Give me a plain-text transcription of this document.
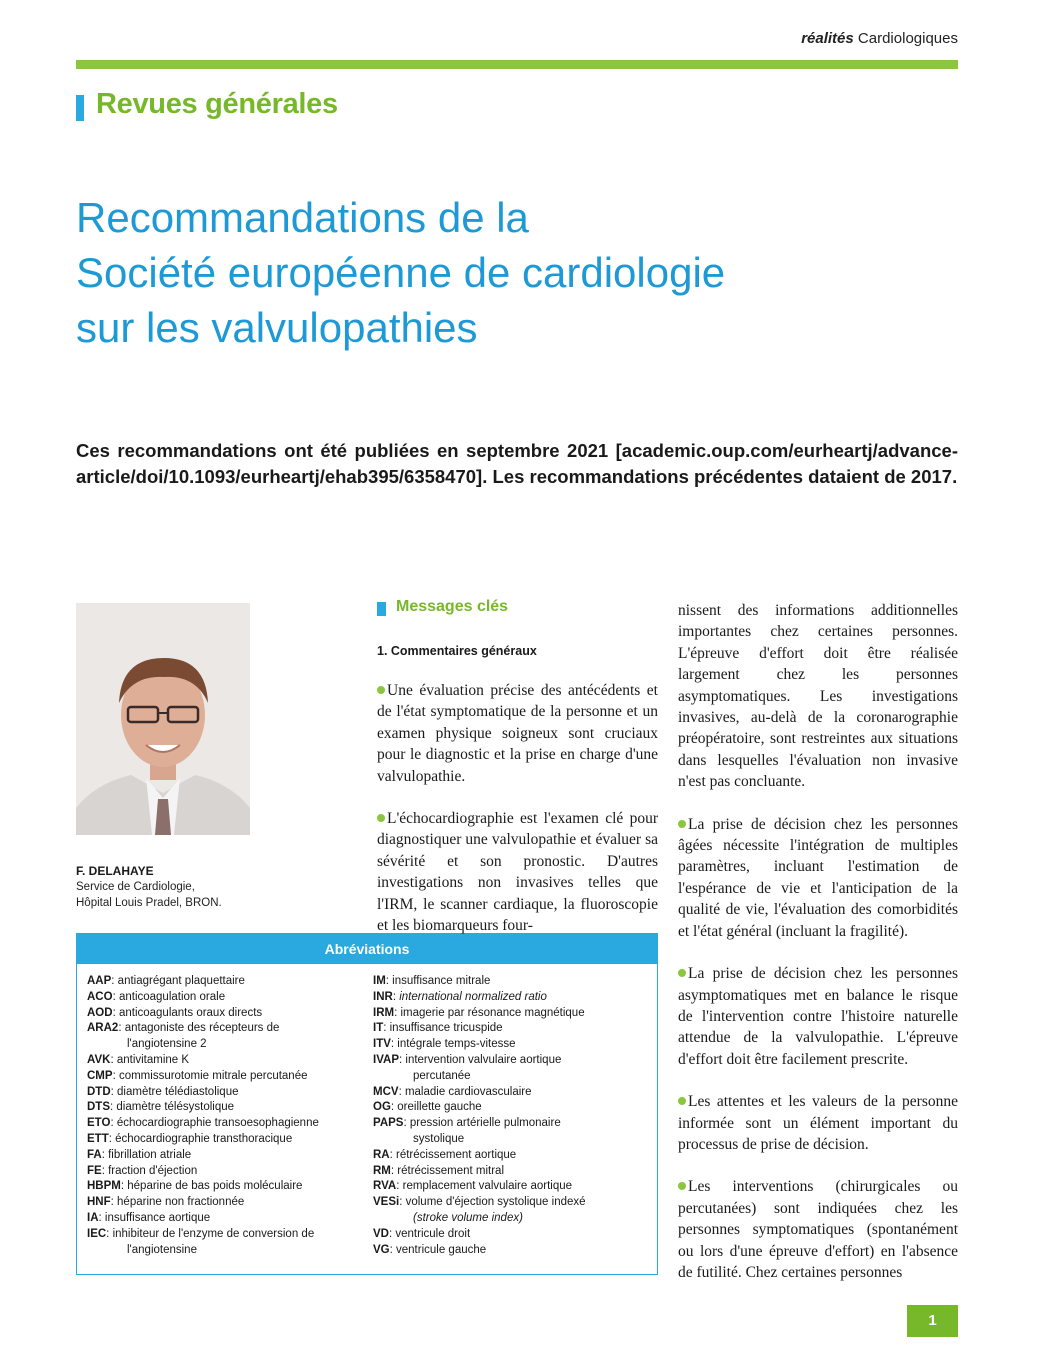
réalités Cardiologiques
Revues générales
Recommandations de la
Société européenne de cardiologie
sur les valvulopathies
Ces recommandations ont été publiées en septembre 2021 [academic.oup.com/eurheartj/advance-article/doi/10.1093/eurheartj/ehab395/6358470]. Les recommandations précédentes dataient de 2017.
F. DELAHAYE
Service de Cardiologie,
Hôpital Louis Pradel, BRON.
Abréviations
AAP: antiagrégant plaquettaire
ACO: anticoagulation orale
AOD: anticoagulants oraux directs
ARA2: antagoniste des récepteurs de
l'angiotensine 2
AVK: antivitamine K
CMP: commissurotomie mitrale percutanée
DTD: diamètre télédiastolique
DTS: diamètre télésystolique
ETO: échocardiographie transoesophagienne
ETT: échocardiographie transthoracique
FA: fibrillation atriale
FE: fraction d'éjection
HBPM: héparine de bas poids moléculaire
HNF: héparine non fractionnée
IA: insuffisance aortique
IEC: inhibiteur de l'enzyme de conversion de
l'angiotensine
IM: insuffisance mitrale
INR: international normalized ratio
IRM: imagerie par résonance magnétique
IT: insuffisance tricuspide
ITV: intégrale temps-vitesse
IVAP: intervention valvulaire aortique
percutanée
MCV: maladie cardiovasculaire
OG: oreillette gauche
PAPS: pression artérielle pulmonaire
systolique
RA: rétrécissement aortique
RM: rétrécissement mitral
RVA: remplacement valvulaire aortique
VESi: volume d'éjection systolique indexé
(stroke volume index)
VD: ventricule droit
VG: ventricule gauche
Messages clés
1. Commentaires généraux

Une évaluation précise des antécédents et de l'état symptomatique de la personne et un examen physique soigneux sont cruciaux pour le diagnostic et la prise en charge d'une valvulopathie.

L'échocardiographie est l'examen clé pour diagnostiquer une valvulopathie et évaluer sa sévérité et son pronostic. D'autres investigations non invasives telles que l'IRM, le scanner cardiaque, la fluoroscopie et les biomarqueurs four-

nissent des informations additionnelles importantes chez certaines personnes. L'épreuve d'effort doit être réalisée largement chez les personnes asymptomatiques. Les investigations invasives, au-delà de la coronarographie préopératoire, sont restreintes aux situations dans lesquelles l'évaluation non invasive n'est pas concluante.

La prise de décision chez les personnes âgées nécessite l'intégration de multiples paramètres, incluant l'estimation de l'espérance de vie et l'anticipation de la qualité de vie, l'évaluation des comorbidités et l'état général (incluant la fragilité).

La prise de décision chez les personnes asymptomatiques met en balance le risque de l'intervention contre l'histoire naturelle attendue de la valvulopathie. L'épreuve d'effort doit être facilement prescrite.

Les attentes et les valeurs de la personne informée sont un élément important du processus de prise de décision.

Les interventions (chirurgicales ou percutanées) sont indiquées chez les personnes symptomatiques (spontanément ou lors d'une épreuve d'effort) en l'absence de futilité. Chez certaines personnes

1
